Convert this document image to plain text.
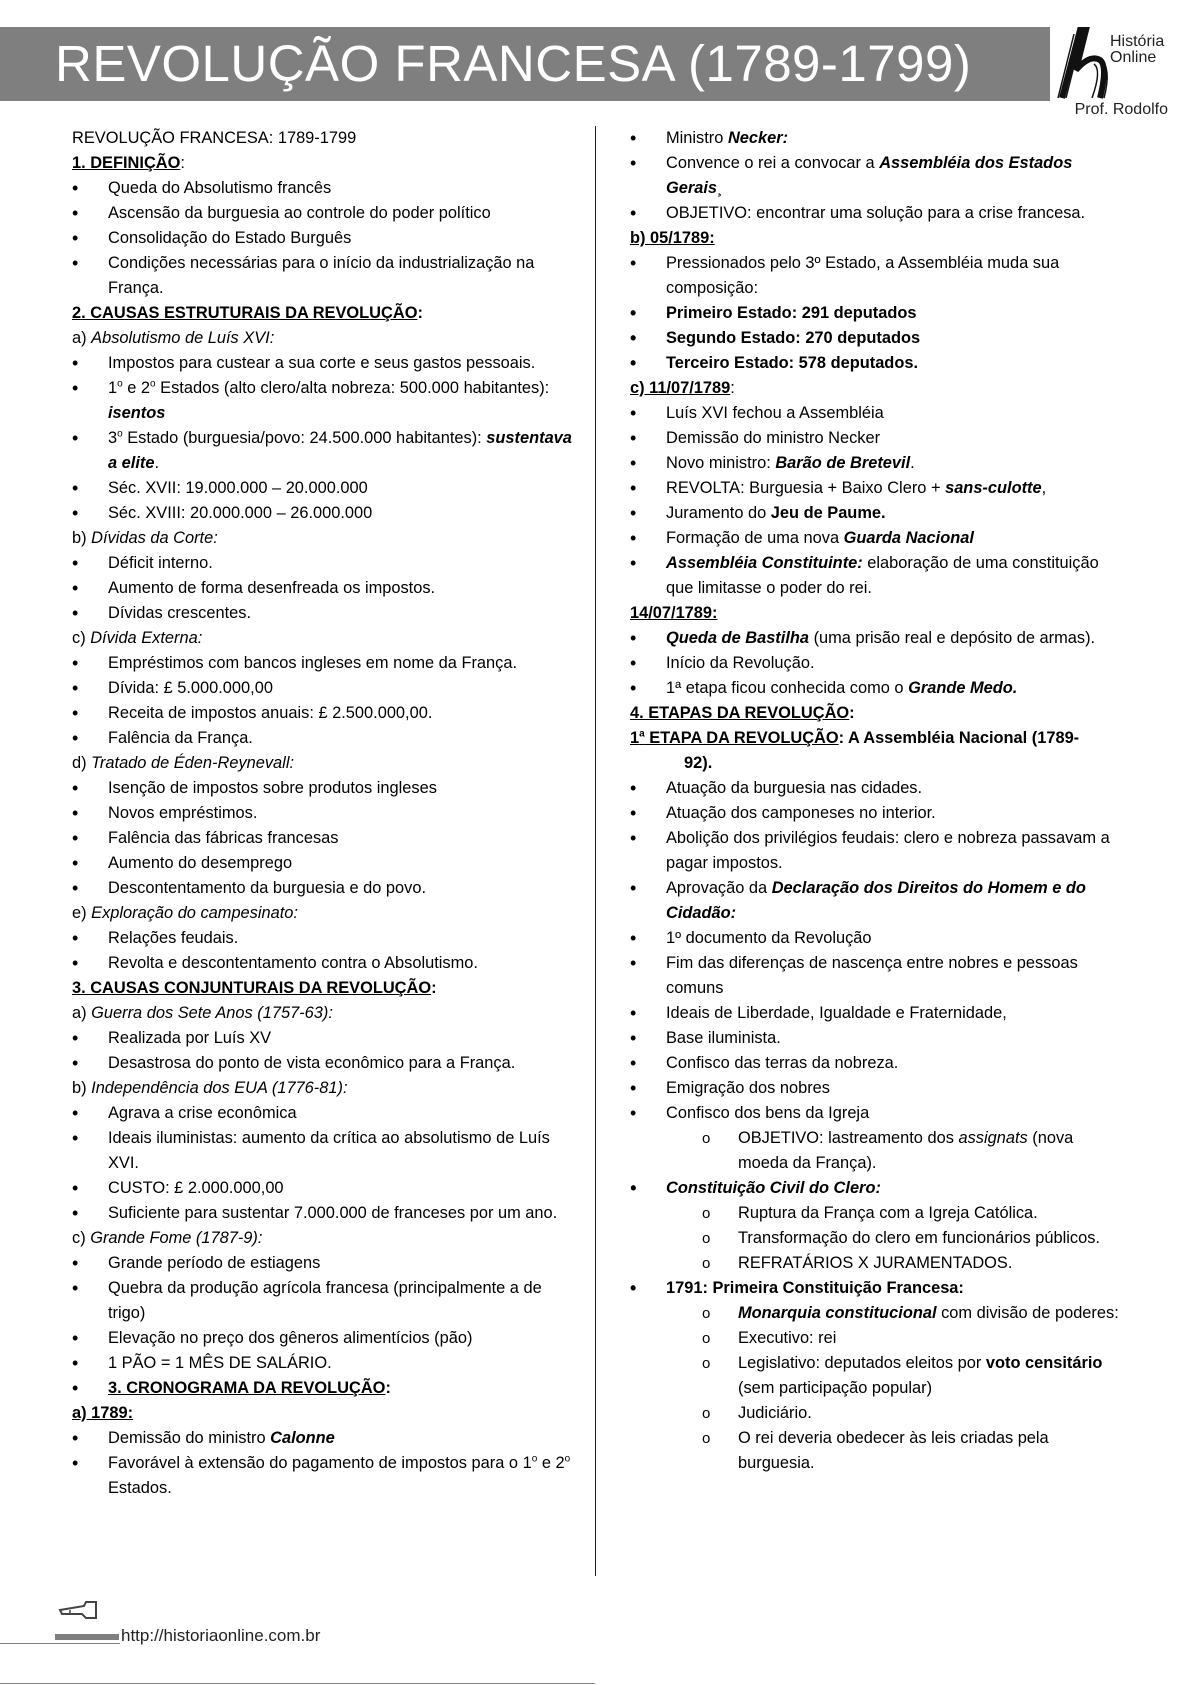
REVOLUÇÃO FRANCESA (1789-1799)	História
Online
Prof. Rodolfo
REVOLUÇÃO FRANCESA: 1789-1799
1. DEFINIÇÃO:
• Queda do Absolutismo francês
• Ascensão da burguesia ao controle do poder político
• Consolidação do Estado Burguês
• Condições necessárias para o início da industrialização na França.
2. CAUSAS ESTRUTURAIS DA REVOLUÇÃO:
a) Absolutismo de Luís XVI:
• Impostos para custear a sua corte e seus gastos pessoais.
• 1$^o$ e 2$^o$ Estados (alto clero/alta nobreza: 500.000 habitantes): isentos
• 3$^o$ Estado (burguesia/povo: 24.500.000 habitantes): sustentava a elite.
• Séc. XVII: 19.000.000 – 20.000.000
• Séc. XVIII: 20.000.000 – 26.000.000
b) Dívidas da Corte:
• Déficit interno.
• Aumento de forma desenfreada os impostos.
• Dívidas crescentes.
c) Dívida Externa:
• Empréstimos com bancos ingleses em nome da França.
• Dívida: £ 5.000.000,00
• Receita de impostos anuais: £ 2.500.000,00.
• Falência da França.
d) Tratado de Éden-Reynevall:
• Isenção de impostos sobre produtos ingleses
• Novos empréstimos.
• Falência das fábricas francesas
• Aumento do desemprego
• Descontentamento da burguesia e do povo.
e) Exploração do campesinato:
• Relações feudais.
• Revolta e descontentamento contra o Absolutismo.
3. CAUSAS CONJUNTURAIS DA REVOLUÇÃO:
a) Guerra dos Sete Anos (1757-63):
• Realizada por Luís XV
• Desastrosa do ponto de vista econômico para a França.
b) Independência dos EUA (1776-81):
• Agrava a crise econômica
• Ideais iluministas: aumento da crítica ao absolutismo de Luís XVI.
• CUSTO: £ 2.000.000,00
• Suficiente para sustentar 7.000.000 de franceses por um ano.
c) Grande Fome (1787-9):
• Grande período de estiagens
• Quebra da produção agrícola francesa (principalmente a de trigo)
• Elevação no preço dos gêneros alimentícios (pão)
• 1 PÃO = 1 MÊS DE SALÁRIO.
• 3. CRONOGRAMA DA REVOLUÇÃO:
a) 1789:
• Demissão do ministro Calonne
• Favorável à extensão do pagamento de impostos para o 1$^o$ e 2$^o$ Estados.
• Ministro Necker:
• Convence o rei a convocar a Assembléia dos Estados Gerais¸
• OBJETIVO: encontrar uma solução para a crise francesa.
b) 05/1789:
• Pressionados pelo 3º Estado, a Assembléia muda sua composição:
• Primeiro Estado: 291 deputados
• Segundo Estado: 270 deputados
• Terceiro Estado: 578 deputados.
c) 11/07/1789:
• Luís XVI fechou a Assembléia
• Demissão do ministro Necker
• Novo ministro: Barão de Bretevil.
• REVOLTA: Burguesia + Baixo Clero + sans-culotte,
• Juramento do Jeu de Paume.
• Formação de uma nova Guarda Nacional
• Assembléia Constituinte: elaboração de uma constituição que limitasse o poder do rei.
14/07/1789:
• Queda de Bastilha (uma prisão real e depósito de armas).
• Início da Revolução.
• 1ª etapa ficou conhecida como o Grande Medo.
4. ETAPAS DA REVOLUÇÃO:
1$^a$ ETAPA DA REVOLUÇÃO: A Assembléia Nacional (1789-
92).
• Atuação da burguesia nas cidades.
• Atuação dos camponeses no interior.
• Abolição dos privilégios feudais: clero e nobreza passavam a pagar impostos.
• Aprovação da Declaração dos Direitos do Homem e do Cidadão:
• 1º documento da Revolução
• Fim das diferenças de nascença entre nobres e pessoas comuns
• Ideais de Liberdade, Igualdade e Fraternidade,
• Base iluminista.
• Confisco das terras da nobreza.
• Emigração dos nobres
• Confisco dos bens da Igreja
o OBJETIVO: lastreamento dos assignats (nova moeda da França).
• Constituição Civil do Clero:
o Ruptura da França com a Igreja Católica.
o Transformação do clero em funcionários públicos.
o REFRATÁRIOS X JURAMENTADOS.
• 1791: Primeira Constituição Francesa:
o Monarquia constitucional com divisão de poderes:
o Executivo: rei
o Legislativo: deputados eleitos por voto censitário (sem participação popular)
o Judiciário.
o O rei deveria obedecer às leis criadas pela burguesia.
http://historiaonline.com.br
